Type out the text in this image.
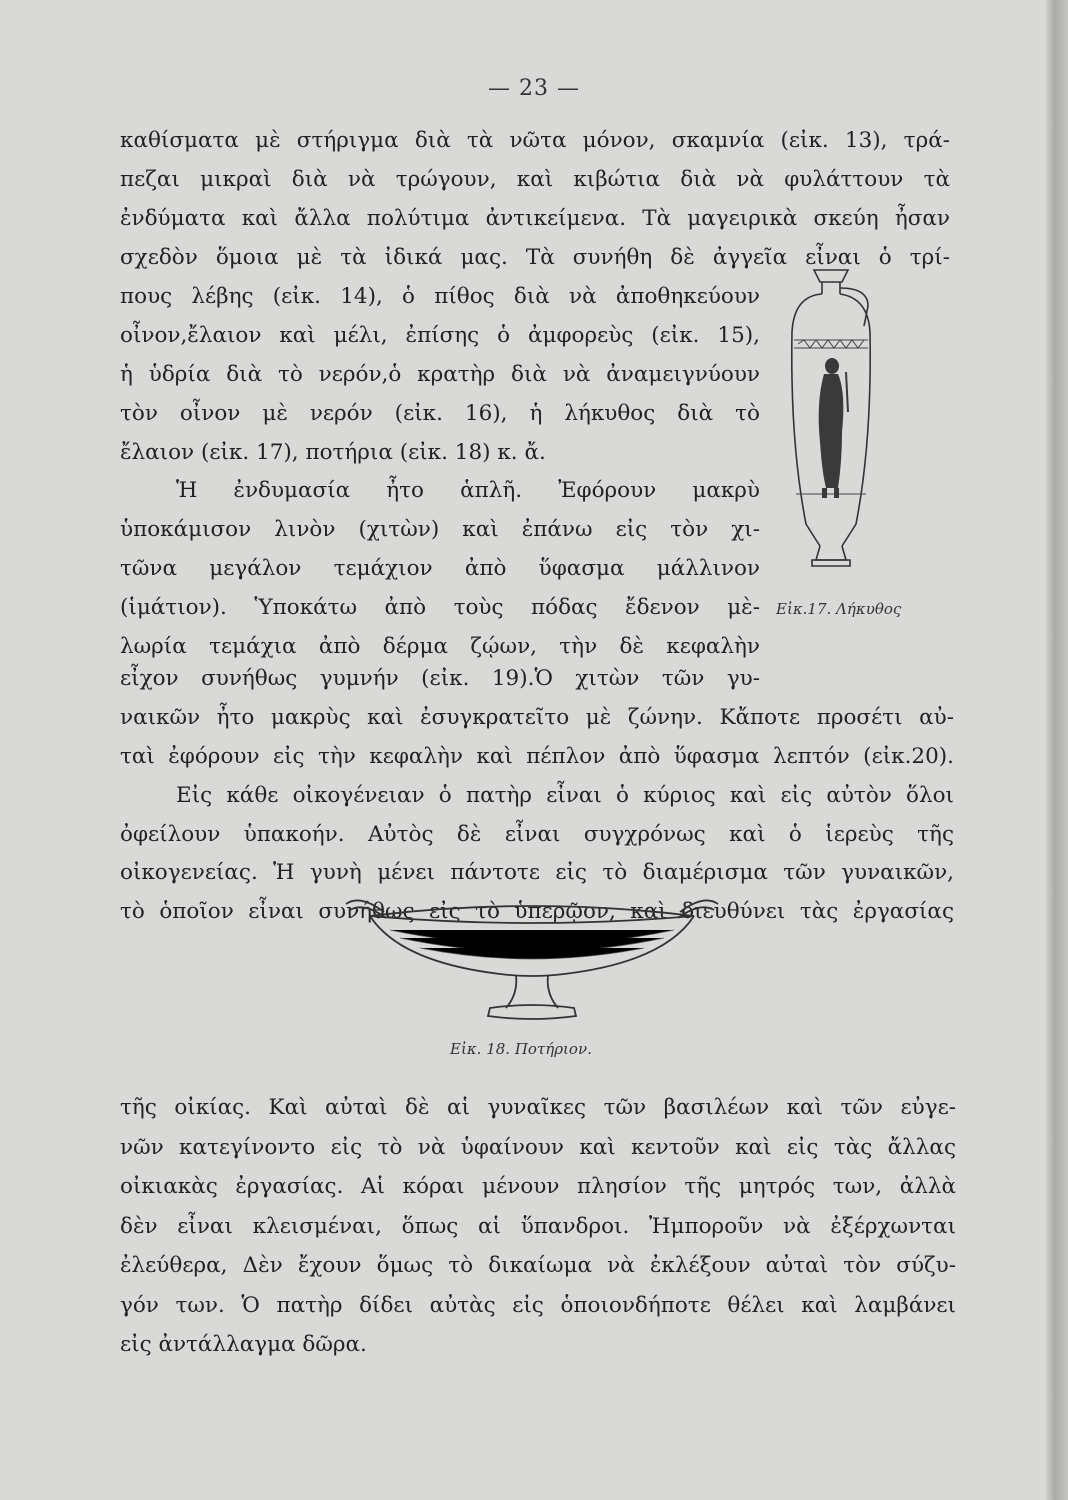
— 23 —
καθίσματα μὲ στήριγμα διὰ τὰ νῶτα μόνον, σκαμνία (εἰκ. 13), τρά-
πεζαι μικραὶ διὰ νὰ τρώγουν, καὶ κιβώτια διὰ νὰ φυλάττουν τὰ
ἐνδύματα καὶ ἄλλα πολύτιμα ἀντικείμενα. Τὰ μαγειρικὰ σκεύη ἦσαν
σχεδὸν ὅμοια μὲ τὰ ἰδικά μας. Τὰ συνήθη δὲ ἀγγεῖα εἶναι ὁ τρί-
πους λέβης (εἰκ. 14), ὁ πίθος διὰ νὰ ἀποθηκεύουν
οἶνον,ἔλαιον καὶ μέλι, ἐπίσης ὁ ἀμφορεὺς (εἰκ. 15),
ἡ ὑδρία διὰ τὸ νερόν,ὁ κρατὴρ διὰ νὰ ἀναμειγνύουν
τὸν οἶνον μὲ νερόν (εἰκ. 16), ἡ λήκυθος διὰ τὸ
ἔλαιον (εἰκ. 17), ποτήρια (εἰκ. 18) κ. ἄ.
Ἡ ἐνδυμασία ἦτο ἁπλῆ. Ἐφόρουν μακρὺ
ὑποκάμισον λινὸν (χιτὼν) καὶ ἐπάνω εἰς τὸν χι-
τῶνα μεγάλον τεμάχιον ἀπὸ ὕφασμα μάλλινον
(ἱμάτιον). Ὑποκάτω ἀπὸ τοὺς πόδας ἔδενον μὲ-
λωρία τεμάχια ἀπὸ δέρμα ζῴων, τὴν δὲ κεφαλὴν
Εἰκ.17. Λήκυθος
εἶχον συνήθως γυμνήν (εἰκ. 19).Ὁ χιτὼν τῶν γυ-
ναικῶν ἦτο μακρὺς καὶ ἐσυγκρατεῖτο μὲ ζώνην. Κἄποτε προσέτι αὐ-
ταὶ ἐφόρουν εἰς τὴν κεφαλὴν καὶ πέπλον ἀπὸ ὕφασμα λεπτόν (εἰκ.20).
Εἰς κάθε οἰκογένειαν ὁ πατὴρ εἶναι ὁ κύριος καὶ εἰς αὐτὸν ὅλοι
ὀφείλουν ὑπακοήν. Αὐτὸς δὲ εἶναι συγχρόνως καὶ ὁ ἱερεὺς τῆς
οἰκογενείας. Ἡ γυνὴ μένει πάντοτε εἰς τὸ διαμέρισμα τῶν γυναικῶν,
τὸ ὁποῖον εἶναι συνήθως εἰς τὸ ὑπερῷον, καὶ διευθύνει τὰς ἐργασίας
Εἰκ. 18. Ποτήριον.
τῆς οἰκίας. Καὶ αὐταὶ δὲ αἱ γυναῖκες τῶν βασιλέων καὶ τῶν εὐγε-
νῶν κατεγίνοντο εἰς τὸ νὰ ὑφαίνουν καὶ κεντοῦν καὶ εἰς τὰς ἄλλας
οἰκιακὰς ἐργασίας. Αἱ κόραι μένουν πλησίον τῆς μητρός των, ἀλλὰ
δὲν εἶναι κλεισμέναι, ὅπως αἱ ὕπανδροι. Ἠμποροῦν νὰ ἐξέρχωνται
ἐλεύθερα, Δὲν ἔχουν ὅμως τὸ δικαίωμα νὰ ἐκλέξουν αὐταὶ τὸν σύζυ-
γόν των. Ὁ πατὴρ δίδει αὐτὰς εἰς ὁποιονδήποτε θέλει καὶ λαμβάνει
εἰς ἀντάλλαγμα δῶρα.
